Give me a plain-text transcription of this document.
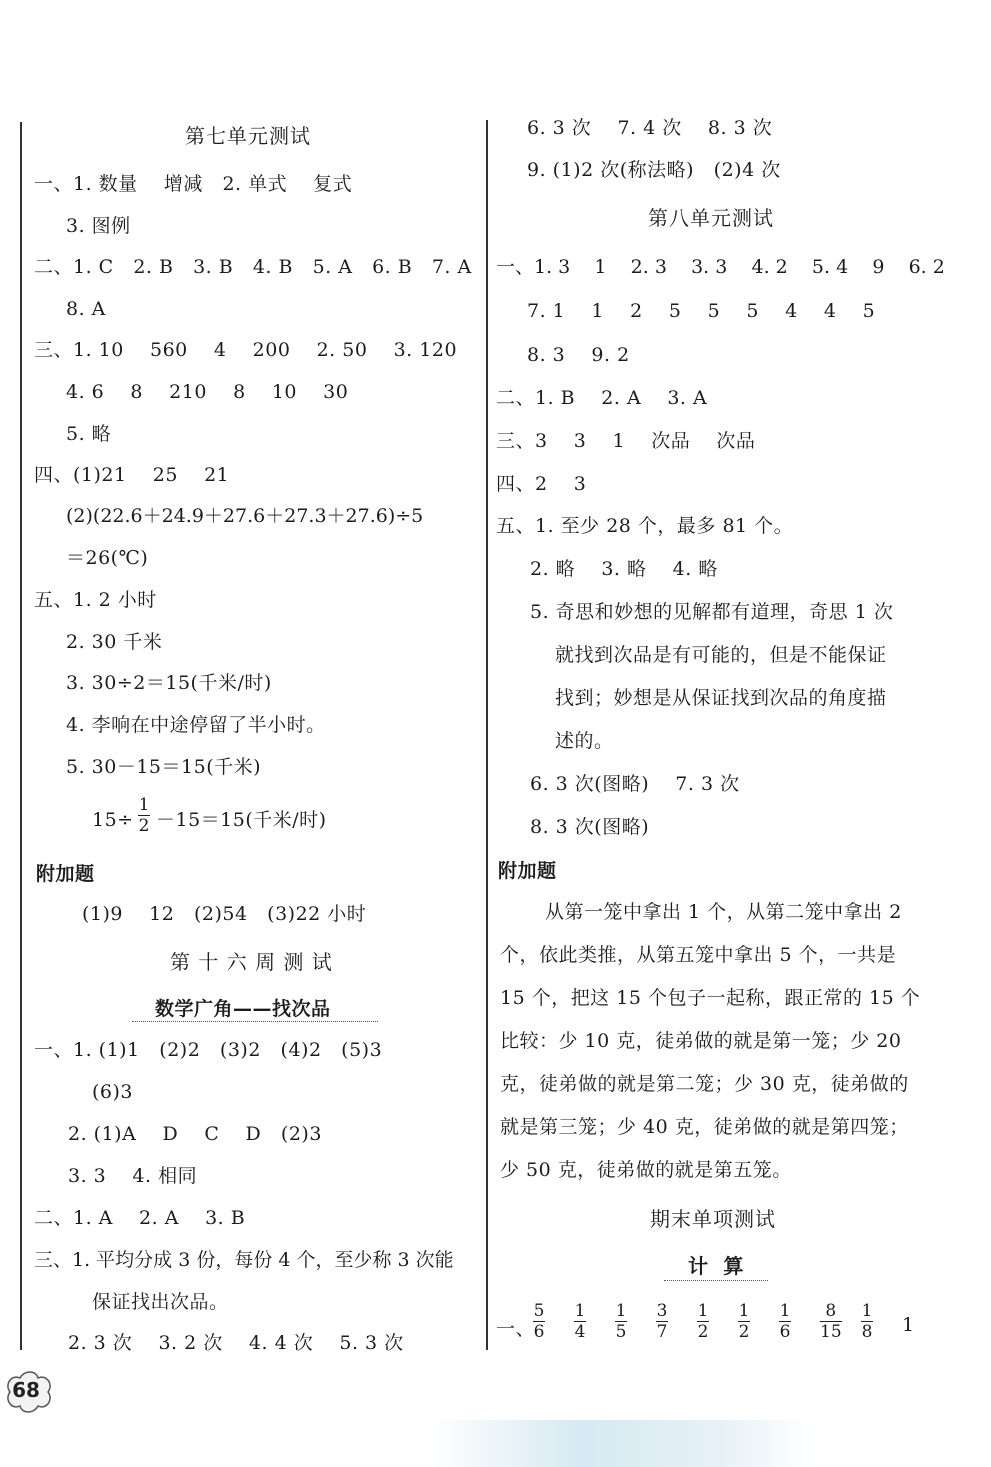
第七单元测试
一、1. 数量    增减   2. 单式    复式
3. 图例
二、1. C   2. B   3. B   4. B   5. A   6. B   7. A
8. A
三、1. 10    560    4    200    2. 50    3. 120
4. 6    8    210    8    10    30
5. 略
四、(1)21    25    21
(2)(22.6＋24.9＋27.6＋27.3＋27.6)÷5
＝26(℃)
五、1. 2 小时
2. 30 千米
3. 30÷2＝15(千米/时)
4. 李响在中途停留了半小时。
5. 30－15＝15(千米)
15÷
1
2 －15＝15(千米/时)
附加题
(1)9    12   (2)54   (3)22 小时
第 十 六 周 测 试
数学广角——找次品
一、1. (1)1   (2)2   (3)2   (4)2   (5)3
(6)3
2. (1)A    D    C    D   (2)3
3. 3    4. 相同
二、1. A    2. A    3. B
三、1. 平均分成 3 份，每份 4 个，至少称 3 次能
保证找出次品。
2. 3 次    3. 2 次    4. 4 次    5. 3 次
6. 3 次    7. 4 次    8. 3 次
9. (1)2 次(称法略)   (2)4 次
第八单元测试
一、1. 3    1    2. 3    3. 3    4. 2    5. 4    9    6. 2
7. 1    1    2    5    5    5    4    4    5
8. 3    9. 2
二、1. B    2. A    3. A
三、3    3    1    次品    次品
四、2    3
五、1. 至少 28 个，最多 81 个。
2. 略    3. 略    4. 略
5. 奇思和妙想的见解都有道理，奇思 1 次
就找到次品是有可能的，但是不能保证
找到；妙想是从保证找到次品的角度描
述的。
6. 3 次(图略)    7. 3 次
8. 3 次(图略)
附加题
从第一笼中拿出 1 个，从第二笼中拿出 2
个，依此类推，从第五笼中拿出 5 个，一共是
15 个，把这 15 个包子一起称，跟正常的 15 个
比较：少 10 克，徒弟做的就是第一笼；少 20
克，徒弟做的就是第二笼；少 30 克，徒弟做的
就是第三笼；少 40 克，徒弟做的就是第四笼；
少 50 克，徒弟做的就是第五笼。
期末单项测试
计  算
一、
5
6
1
4
1
5
3
7
1
2
1
2
1
6
8
15
1
8 1
68
